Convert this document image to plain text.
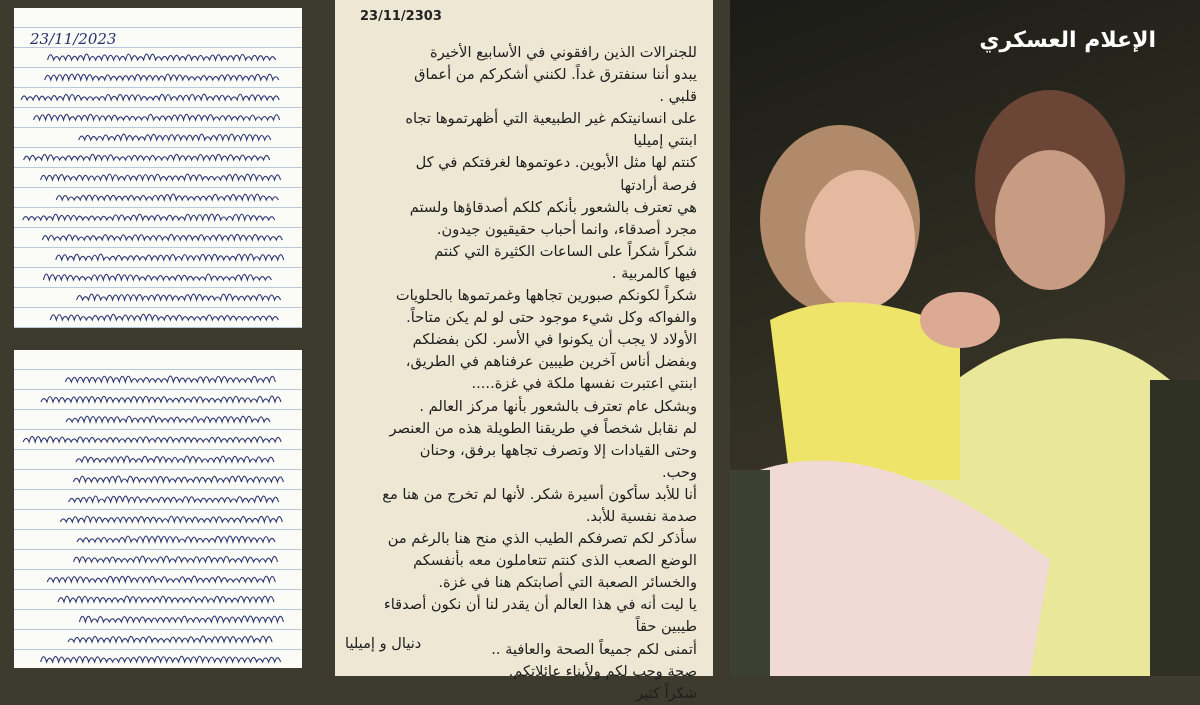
23/11/2023
23/11/2303
للجنرالات الذين رافقوني في الأسابيع الأخيرة
يبدو أننا سنفترق غداً. لكنني أشكركم من أعماق
قلبي .
على انسانيتكم غير الطبيعية التي أظهرتموها تجاه
ابنتي إميليا
كنتم لها مثل الأبوين. دعوتموها لغرفتكم في كل
فرصة أرادتها
هي تعترف بالشعور بأنكم كلكم أصدقاؤها ولستم
مجرد أصدقاء، وانما أحباب حقيقيون جيدون.
شكراً شكراً على الساعات الكثيرة التي كنتم
فيها كالمربية .
شكراً لكونكم صبورين تجاهها وغمرتموها بالحلويات
والفواكه وكل شيء موجود حتى لو لم يكن متاحاً.
الأولاد لا يجب أن يكونوا في الأسر. لكن بفضلكم
وبفضل أناس آخرين طيبين عرفناهم في الطريق،
ابنتي اعتبرت نفسها ملكة في غزة.....
وبشكل عام تعترف بالشعور بأنها مركز العالم .
لم نقابل شخصاً في طريقنا الطويلة هذه من العنصر
وحتى القيادات إلا وتصرف تجاهها برفق، وحنان
وحب.
أنا للأبد سأكون أسيرة شكر. لأنها لم تخرج من هنا مع
صدمة نفسية للأبد.
سأذكر لكم تصرفكم الطيب الذي منح هنا بالرغم من
الوضع الصعب الذى كنتم تتعاملون معه بأنفسكم
والخسائر الصعبة التي أصابتكم هنا في غزة.
يا ليت أنه في هذا العالم أن يقدر لنا أن نكون أصدقاء
طيبين حقاً
أتمنى لكم جميعاً الصحة والعافية ..
صحة وحب لكم ولأبناء عائلاتكم.
شكراً كثير
دنيال و إميليا
الإعلام العسكري
